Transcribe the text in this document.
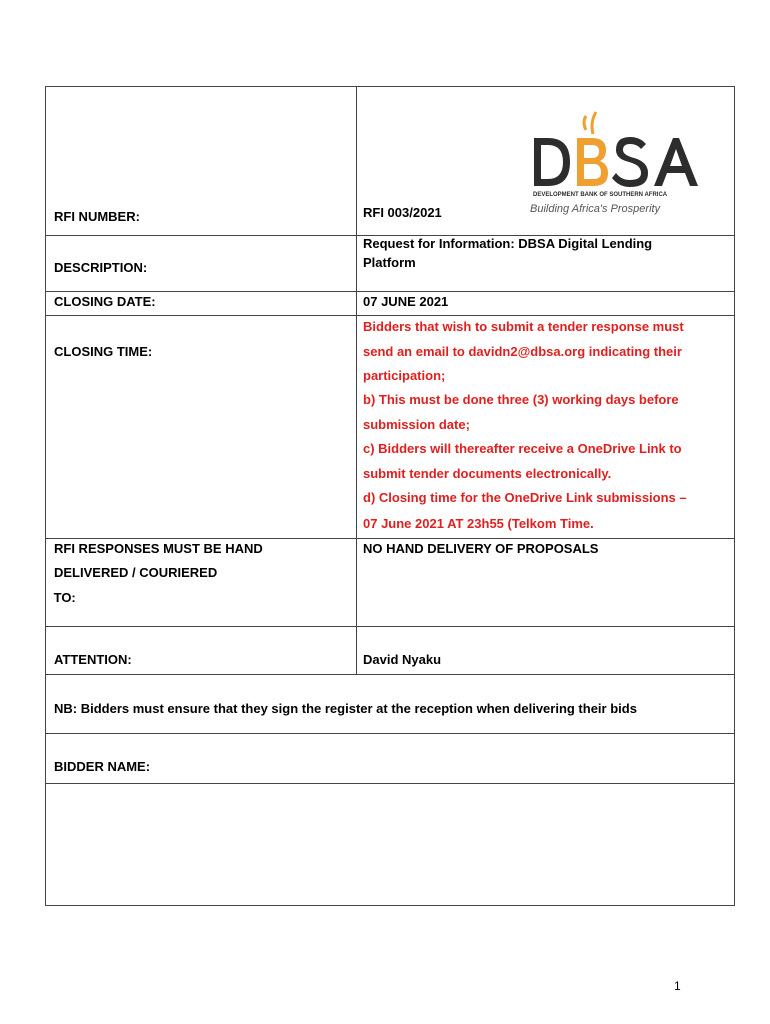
DEVELOPMENT BANK OF SOUTHERN AFRICA
Building Africa's Prosperity
RFI NUMBER:	RFI 003/2021
DESCRIPTION:
Request for Information: DBSA Digital Lending
Platform
CLOSING DATE:	07 JUNE 2021
CLOSING TIME:
Bidders that wish to submit a tender response must
send an email to davidn2@dbsa.org indicating their
participation;
b) This must be done three (3) working days before
submission date;
c) Bidders will thereafter receive a OneDrive Link to
submit tender documents electronically.
d) Closing time for the OneDrive Link submissions –
07 June 2021 AT 23h55 (Telkom Time.
RFI RESPONSES MUST BE HAND
DELIVERED / COURIERED
TO:
NO HAND DELIVERY OF PROPOSALS
ATTENTION:	David Nyaku
NB: Bidders must ensure that they sign the register at the reception when delivering their bids
BIDDER NAME:
1
